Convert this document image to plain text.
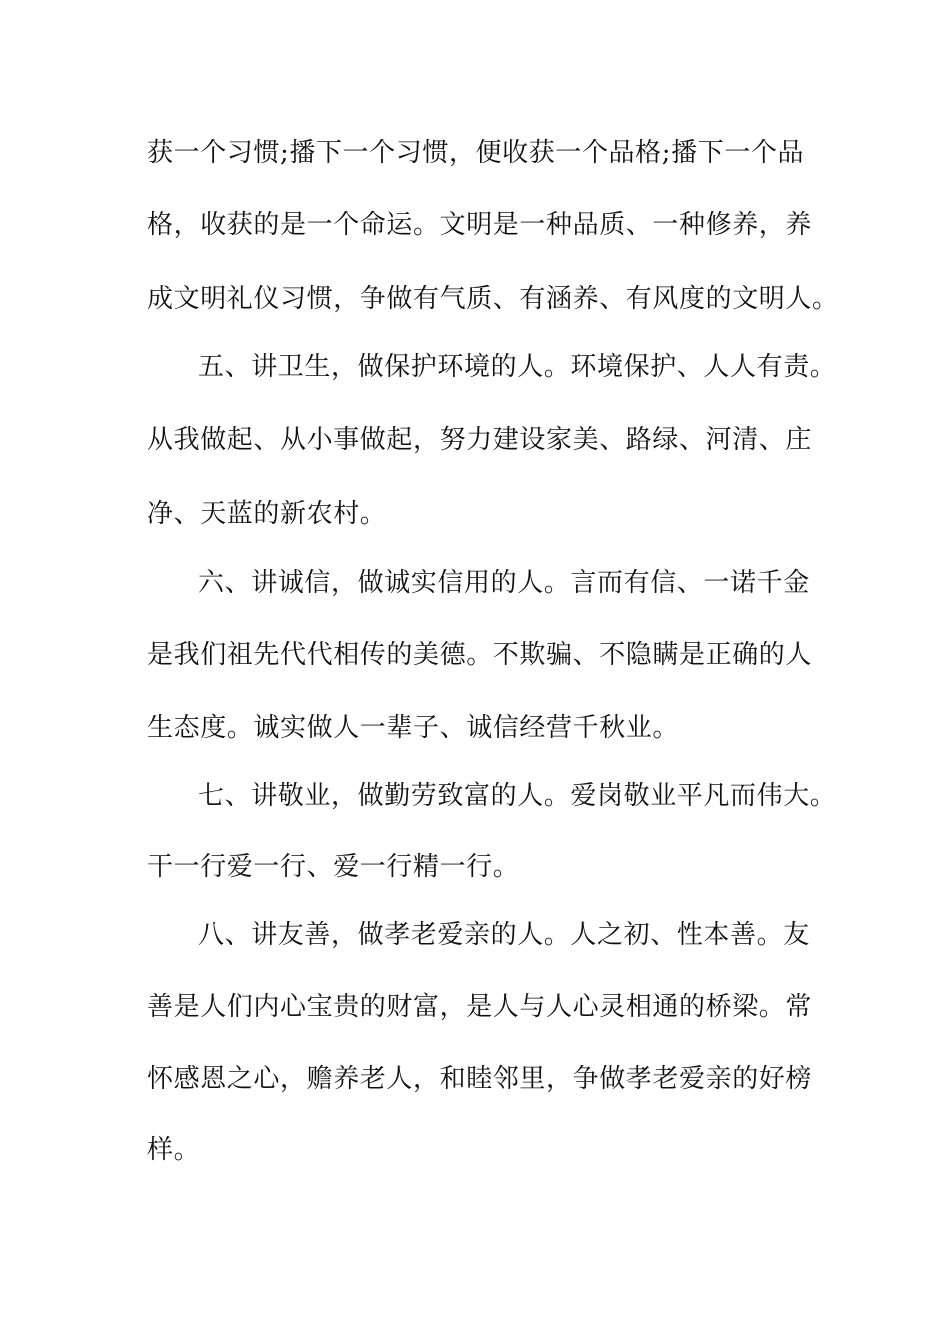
获一个习惯;播下一个习惯，便收获一个品格;播下一个品
格，收获的是一个命运。文明是一种品质、一种修养，养
成文明礼仪习惯，争做有气质、有涵养、有风度的文明人。
五、讲卫生，做保护环境的人。环境保护、人人有责。
从我做起、从小事做起，努力建设家美、路绿、河清、庄
净、天蓝的新农村。
六、讲诚信，做诚实信用的人。言而有信、一诺千金
是我们祖先代代相传的美德。不欺骗、不隐瞒是正确的人
生态度。诚实做人一辈子、诚信经营千秋业。
七、讲敬业，做勤劳致富的人。爱岗敬业平凡而伟大。
干一行爱一行、爱一行精一行。
八、讲友善，做孝老爱亲的人。人之初、性本善。友
善是人们内心宝贵的财富，是人与人心灵相通的桥梁。常
怀感恩之心，赡养老人，和睦邻里，争做孝老爱亲的好榜
样。
